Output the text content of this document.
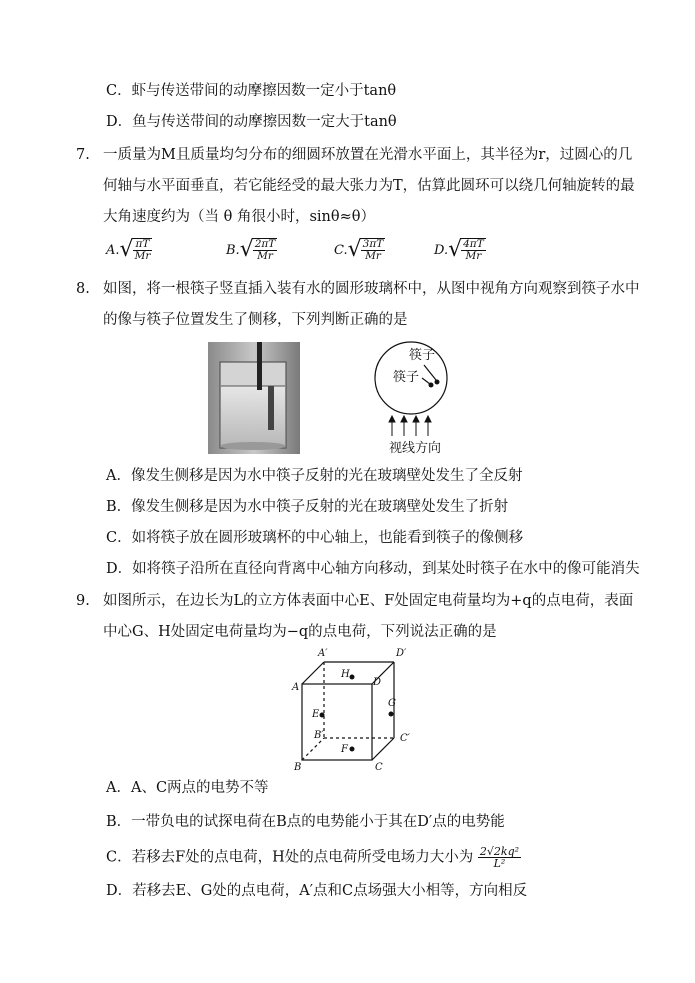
C．虾与传送带间的动摩擦因数一定小于tanθ
D．鱼与传送带间的动摩擦因数一定大于tanθ
7. 一质量为M且质量均匀分布的细圆环放置在光滑水平面上，其半径为r，过圆心的几
何轴与水平面垂直，若它能经受的最大张力为T，估算此圆环可以绕几何轴旋转的最
大角速度约为（当 θ 角很小时，sinθ≈θ）
A. √ $\frac{\pi T}{Mr}$	B. √ $\frac{2\pi T}{Mr}$	C. √ $\frac{3\pi T}{Mr}$	D. √ $\frac{4\pi T}{Mr}$
8. 如图，将一根筷子竖直插入装有水的圆形玻璃杯中，从图中视角方向观察到筷子水中
的像与筷子位置发生了侧移，下列判断正确的是
筷子
筷子
视线方向
A．像发生侧移是因为水中筷子反射的光在玻璃壁处发生了全反射
B．像发生侧移是因为水中筷子反射的光在玻璃壁处发生了折射
C．如将筷子放在圆形玻璃杯的中心轴上，也能看到筷子的像侧移
D．如将筷子沿所在直径向背离中心轴方向移动，到某处时筷子在水中的像可能消失
9. 如图所示，在边长为L的立方体表面中心E、F处固定电荷量均为+q的点电荷，表面
中心G、H处固定电荷量均为−q的点电荷，下列说法正确的是
A′	D′
A	D
H
E
G
B′	C′
F
B	C
A．A、C两点的电势不等
B．一带负电的试探电荷在B点的电势能小于其在D′点的电势能
C．若移去F处的点电荷，H处的点电荷所受电场力大小为 $\frac{\text{2√2kq²}}{\text{L²}}$
D．若移去E、G处的点电荷，A′点和C点场强大小相等，方向相反
